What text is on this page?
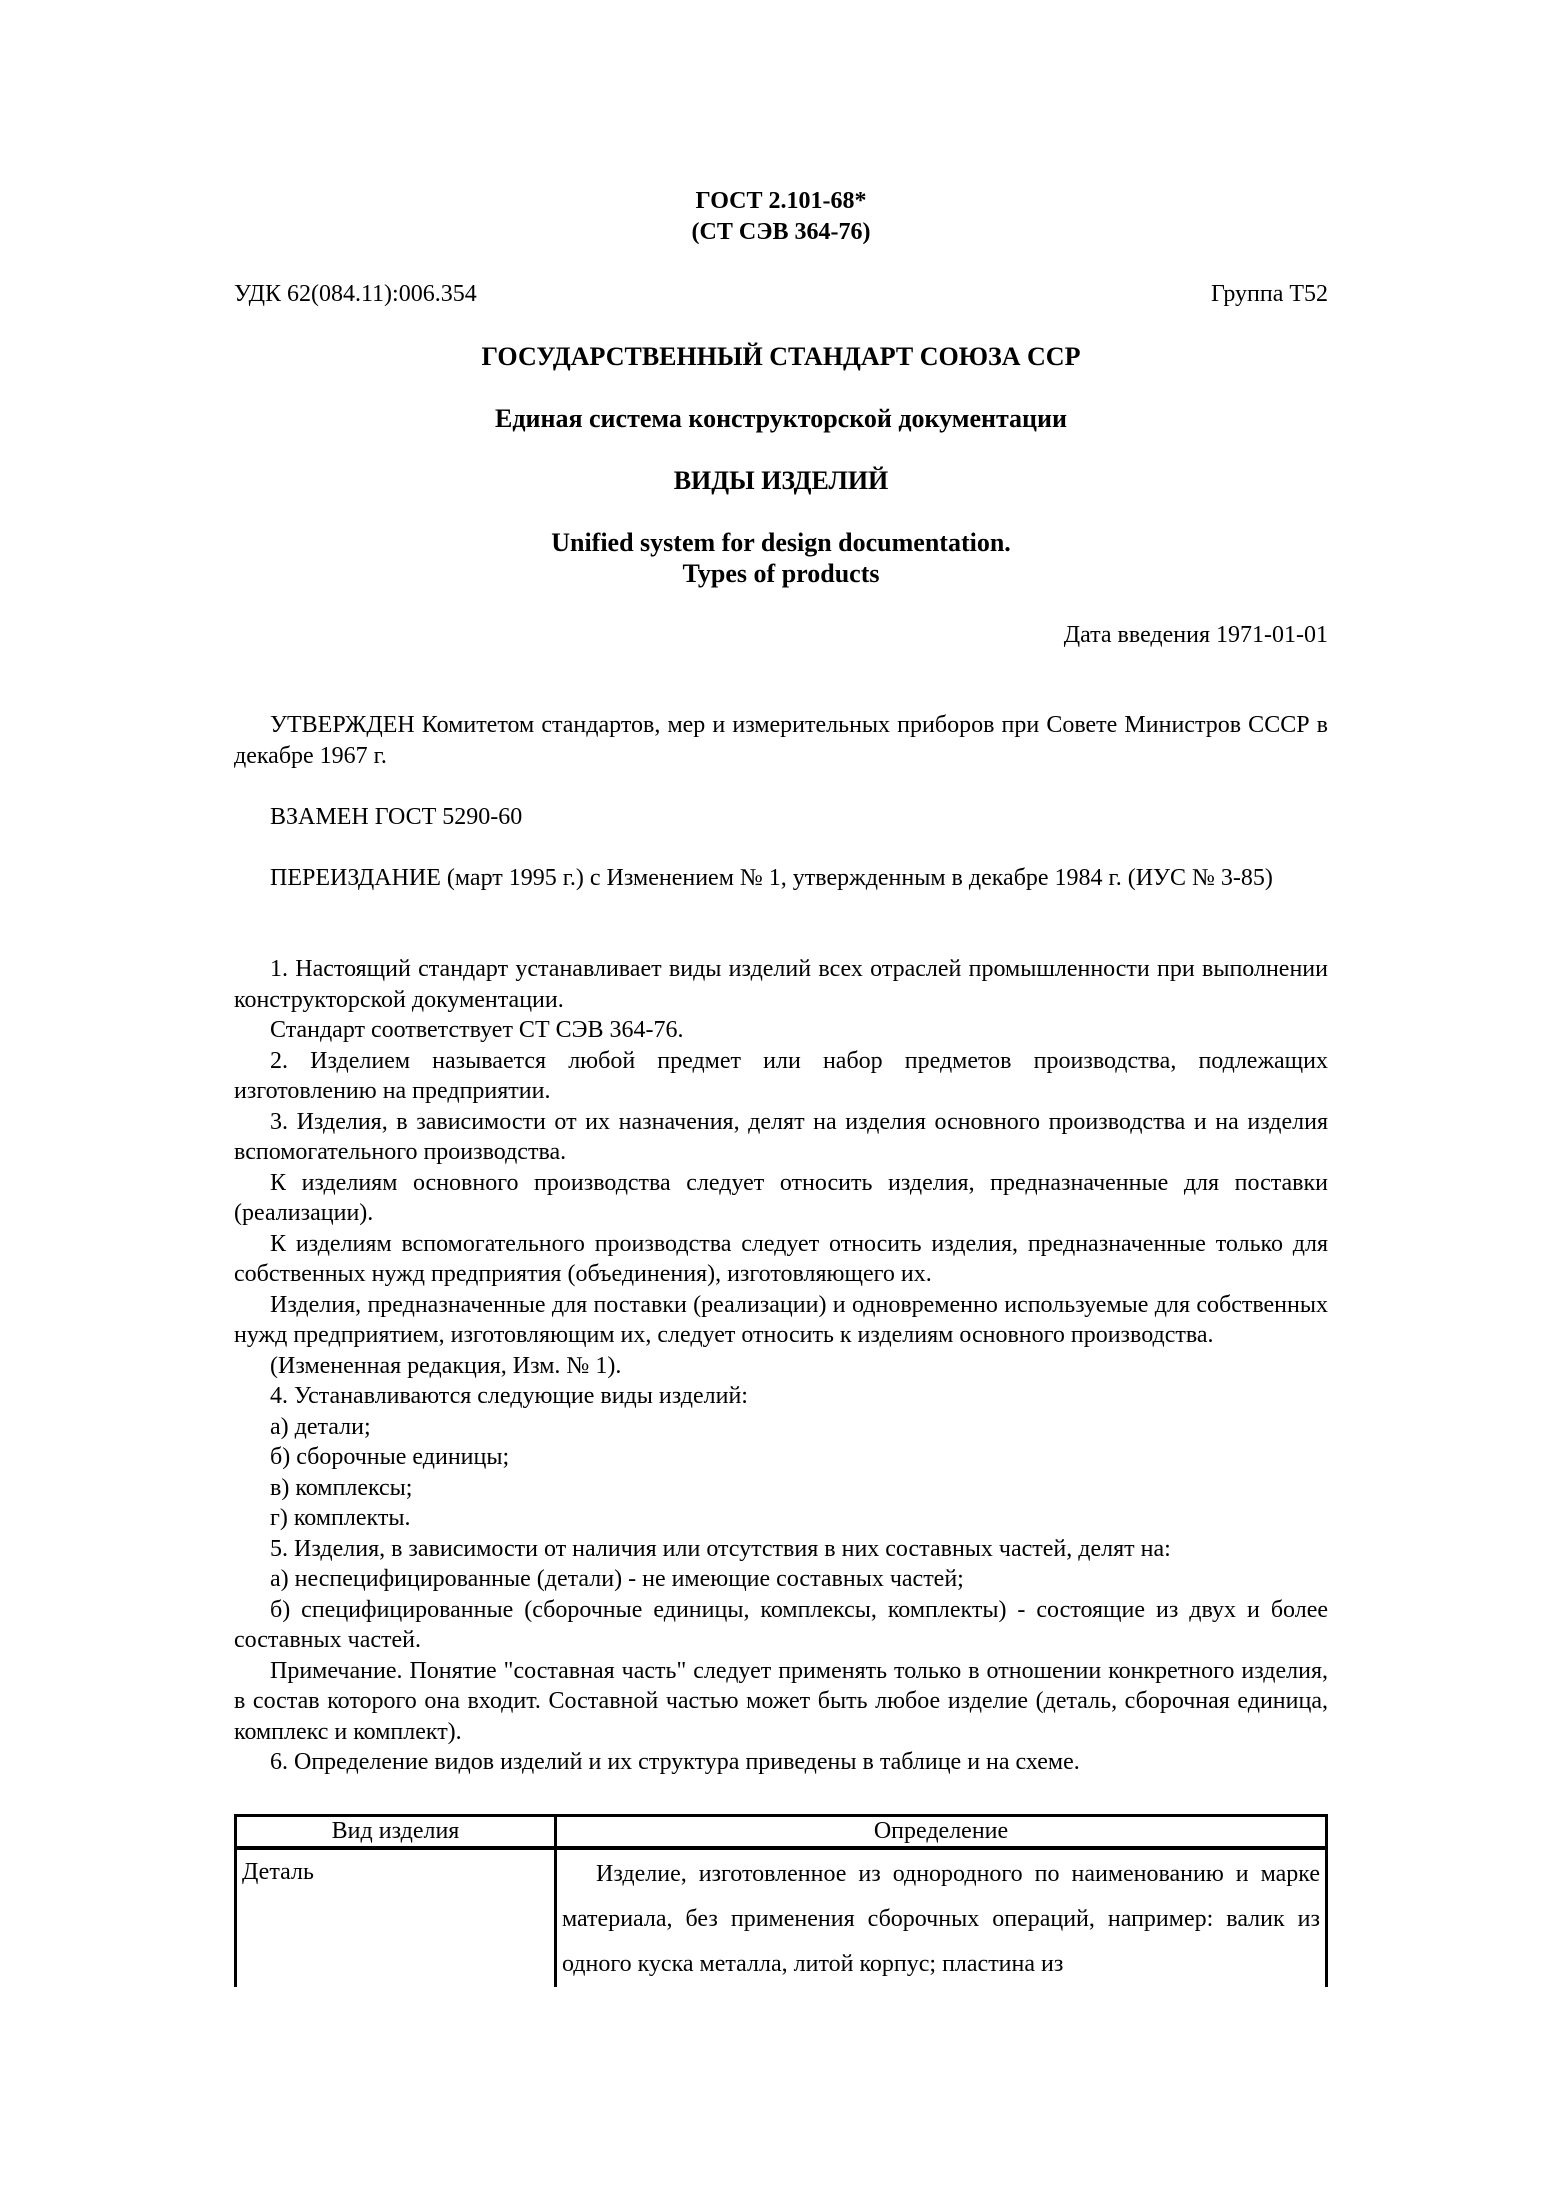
ГОСТ 2.101-68*
(СТ СЭВ 364-76)
УДК 62(084.11):006.354	Группа Т52
ГОСУДАРСТВЕННЫЙ СТАНДАРТ СОЮЗА ССР
Единая система конструкторской документации
ВИДЫ ИЗДЕЛИЙ
Unified system for design documentation.
Types of products
Дата введения 1971-01-01

УТВЕРЖДЕН Комитетом стандартов, мер и измерительных приборов при Совете Министров СССР в декабре 1967 г.

ВЗАМЕН ГОСТ 5290-60

ПЕРЕИЗДАНИЕ (март 1995 г.) с Изменением № 1, утвержденным в декабре 1984 г. (ИУС № 3-85)

1. Настоящий стандарт устанавливает виды изделий всех отраслей промышленности при выполнении конструкторской документации.

Стандарт соответствует СТ СЭВ 364-76.

2. Изделием называется любой предмет или набор предметов производства, подлежащих изготовлению на предприятии.

3. Изделия, в зависимости от их назначения, делят на изделия основного производства и на изделия вспомогательного производства.

К изделиям основного производства следует относить изделия, предназначенные для поставки (реализации).

К изделиям вспомогательного производства следует относить изделия, предназначенные только для собственных нужд предприятия (объединения), изготовляющего их.

Изделия, предназначенные для поставки (реализации) и одновременно используемые для собственных нужд предприятием, изготовляющим их, следует относить к изделиям основного производства.

(Измененная редакция, Изм. № 1).

4. Устанавливаются следующие виды изделий:

а) детали;

б) сборочные единицы;

в) комплексы;

г) комплекты.

5. Изделия, в зависимости от наличия или отсутствия в них составных частей, делят на:

а) неспецифицированные (детали) - не имеющие составных частей;

б) специфицированные (сборочные единицы, комплексы, комплекты) - состоящие из двух и более составных частей.

Примечание. Понятие "составная часть" следует применять только в отношении конкретного изделия, в состав которого она входит. Составной частью может быть любое изделие (деталь, сборочная единица, комплекс и комплект).

6. Определение видов изделий и их структура приведены в таблице и на схеме.

Вид изделия	Определение
Деталь	Изделие, изготовленное из однородного по наименованию и марке материала, без применения сборочных операций, например: валик из одного куска металла, литой корпус; пластина из
